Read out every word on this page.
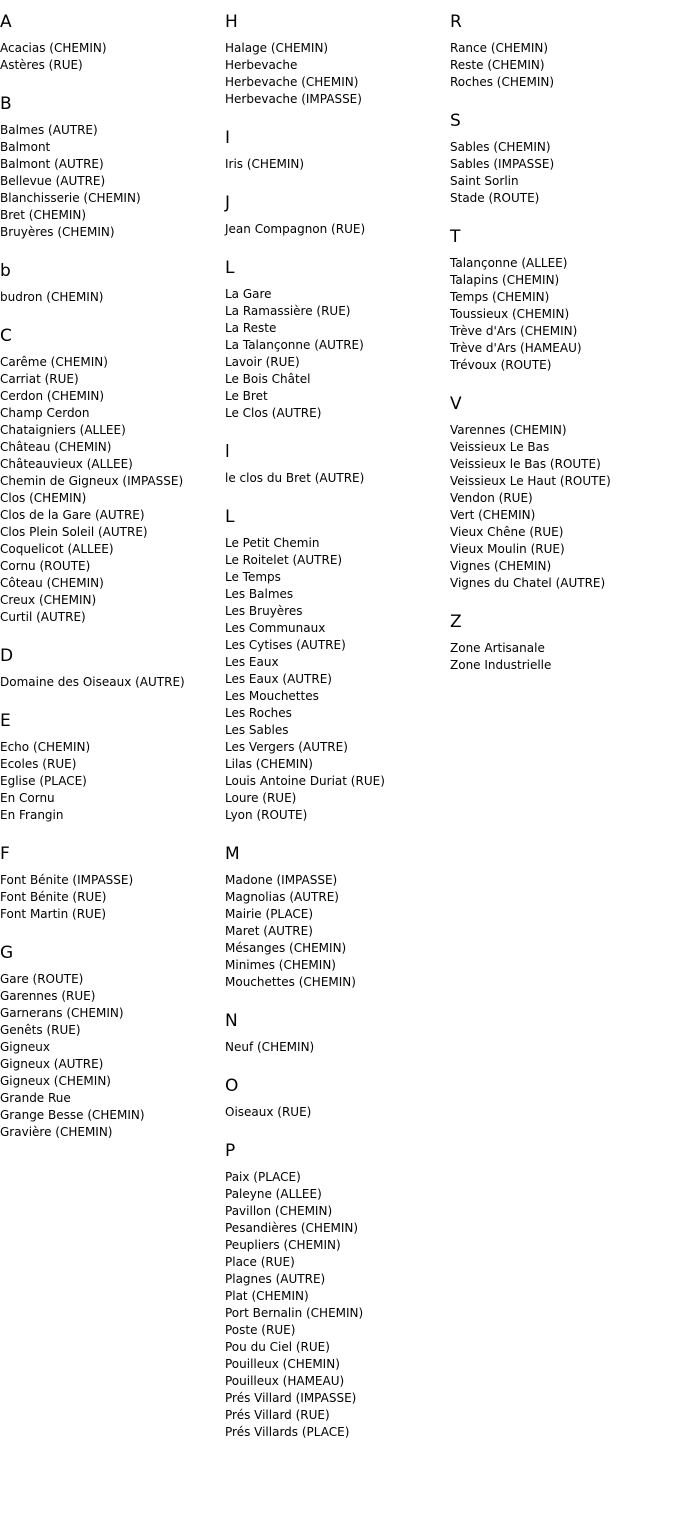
A
Acacias (CHEMIN)
Astères (RUE)
B
Balmes (AUTRE)
Balmont
Balmont (AUTRE)
Bellevue (AUTRE)
Blanchisserie (CHEMIN)
Bret (CHEMIN)
Bruyères (CHEMIN)
b
budron (CHEMIN)
C
Carême (CHEMIN)
Carriat (RUE)
Cerdon (CHEMIN)
Champ Cerdon
Chataigniers (ALLEE)
Château (CHEMIN)
Châteauvieux (ALLEE)
Chemin de Gigneux (IMPASSE)
Clos (CHEMIN)
Clos de la Gare (AUTRE)
Clos Plein Soleil (AUTRE)
Coquelicot (ALLEE)
Cornu (ROUTE)
Côteau (CHEMIN)
Creux (CHEMIN)
Curtil (AUTRE)
D
Domaine des Oiseaux (AUTRE)
E
Echo (CHEMIN)
Ecoles (RUE)
Eglise (PLACE)
En Cornu
En Frangin
F
Font Bénite (IMPASSE)
Font Bénite (RUE)
Font Martin (RUE)
G
Gare (ROUTE)
Garennes (RUE)
Garnerans (CHEMIN)
Genêts (RUE)
Gigneux
Gigneux (AUTRE)
Gigneux (CHEMIN)
Grande Rue
Grange Besse (CHEMIN)
Gravière (CHEMIN)
H
Halage (CHEMIN)
Herbevache
Herbevache (CHEMIN)
Herbevache (IMPASSE)
I
Iris (CHEMIN)
J
Jean Compagnon (RUE)
L
La Gare
La Ramassière (RUE)
La Reste
La Talançonne (AUTRE)
Lavoir (RUE)
Le Bois Châtel
Le Bret
Le Clos (AUTRE)
l
le clos du Bret (AUTRE)
L
Le Petit Chemin
Le Roitelet (AUTRE)
Le Temps
Les Balmes
Les Bruyères
Les Communaux
Les Cytises (AUTRE)
Les Eaux
Les Eaux (AUTRE)
Les Mouchettes
Les Roches
Les Sables
Les Vergers (AUTRE)
Lilas (CHEMIN)
Louis Antoine Duriat (RUE)
Loure (RUE)
Lyon (ROUTE)
M
Madone (IMPASSE)
Magnolias (AUTRE)
Mairie (PLACE)
Maret (AUTRE)
Mésanges (CHEMIN)
Minimes (CHEMIN)
Mouchettes (CHEMIN)
N
Neuf (CHEMIN)
O
Oiseaux (RUE)
P
Paix (PLACE)
Paleyne (ALLEE)
Pavillon (CHEMIN)
Pesandières (CHEMIN)
Peupliers (CHEMIN)
Place (RUE)
Plagnes (AUTRE)
Plat (CHEMIN)
Port Bernalin (CHEMIN)
Poste (RUE)
Pou du Ciel (RUE)
Pouilleux (CHEMIN)
Pouilleux (HAMEAU)
Prés Villard (IMPASSE)
Prés Villard (RUE)
Prés Villards (PLACE)
R
Rance (CHEMIN)
Reste (CHEMIN)
Roches (CHEMIN)
S
Sables (CHEMIN)
Sables (IMPASSE)
Saint Sorlin
Stade (ROUTE)
T
Talançonne (ALLEE)
Talapins (CHEMIN)
Temps (CHEMIN)
Toussieux (CHEMIN)
Trève d'Ars (CHEMIN)
Trève d'Ars (HAMEAU)
Trévoux (ROUTE)
V
Varennes (CHEMIN)
Veissieux Le Bas
Veissieux le Bas (ROUTE)
Veissieux Le Haut (ROUTE)
Vendon (RUE)
Vert (CHEMIN)
Vieux Chêne (RUE)
Vieux Moulin (RUE)
Vignes (CHEMIN)
Vignes du Chatel (AUTRE)
Z
Zone Artisanale
Zone Industrielle
